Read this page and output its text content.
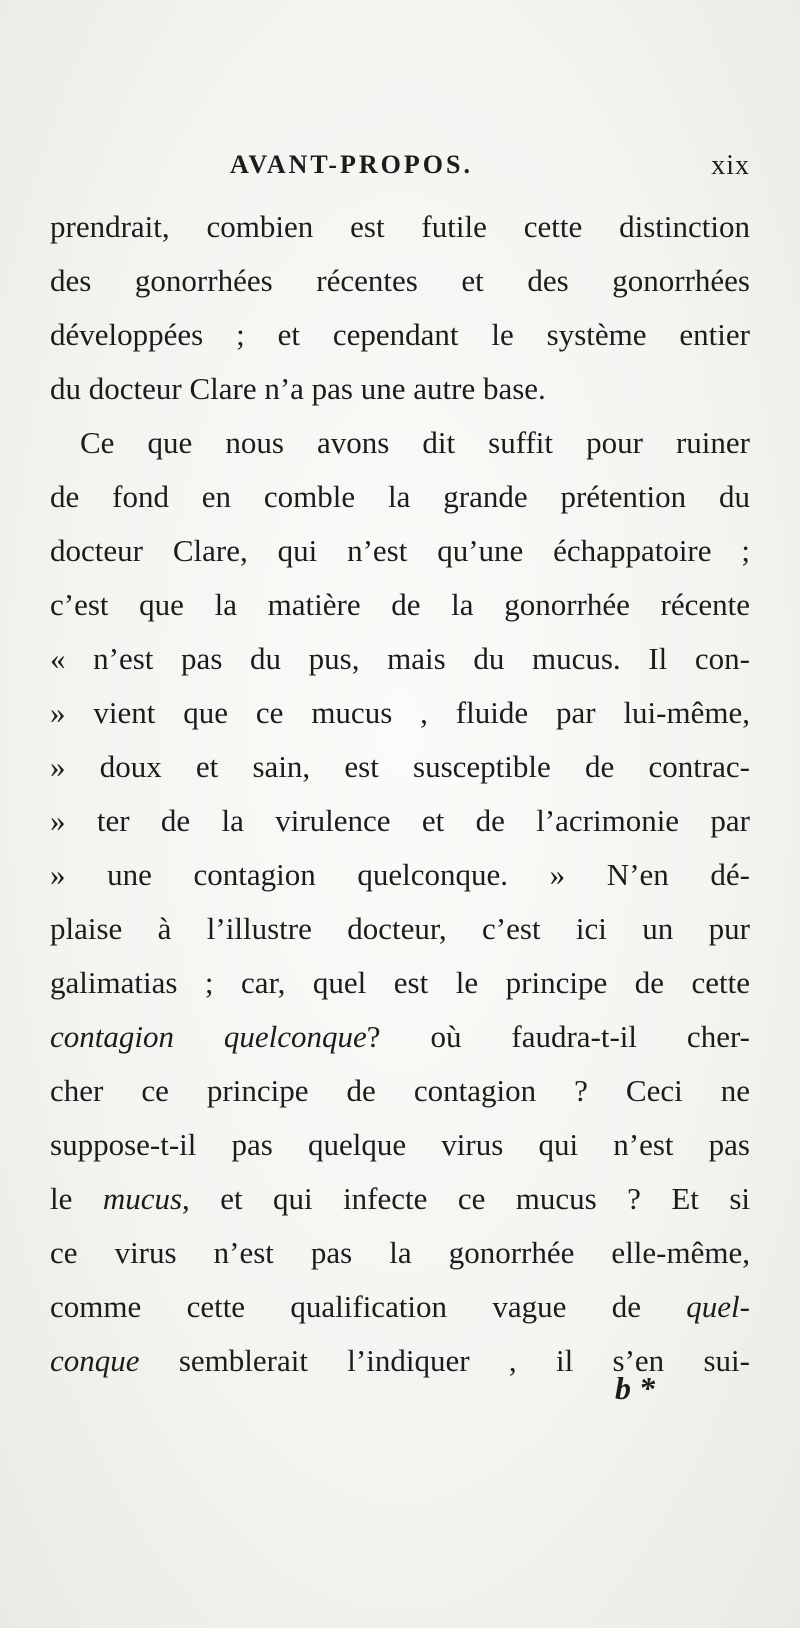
AVANT-PROPOS.	xix
prendrait, combien est futile cette distinction
des gonorrhées récentes et des gonorrhées
développées ; et cependant le système entier
du docteur Clare n’a pas une autre base.
Ce que nous avons dit suffit pour ruiner
de fond en comble la grande prétention du
docteur Clare, qui n’est qu’une échappatoire ;
c’est que la matière de la gonorrhée récente
« n’est pas du pus, mais du mucus. Il con-
» vient que ce mucus , fluide par lui-même,
» doux et sain, est susceptible de contrac-
» ter de la virulence et de l’acrimonie par
» une contagion quelconque. » N’en dé-
plaise à l’illustre docteur, c’est ici un pur
galimatias ; car, quel est le principe de cette
contagion quelconque? où faudra-t-il cher-
cher ce principe de contagion ? Ceci ne
suppose-t-il pas quelque virus qui n’est pas
le mucus, et qui infecte ce mucus ? Et si
ce virus n’est pas la gonorrhée elle-même,
comme cette qualification vague de quel-
conque semblerait l’indiquer , il s’en sui-
b *
